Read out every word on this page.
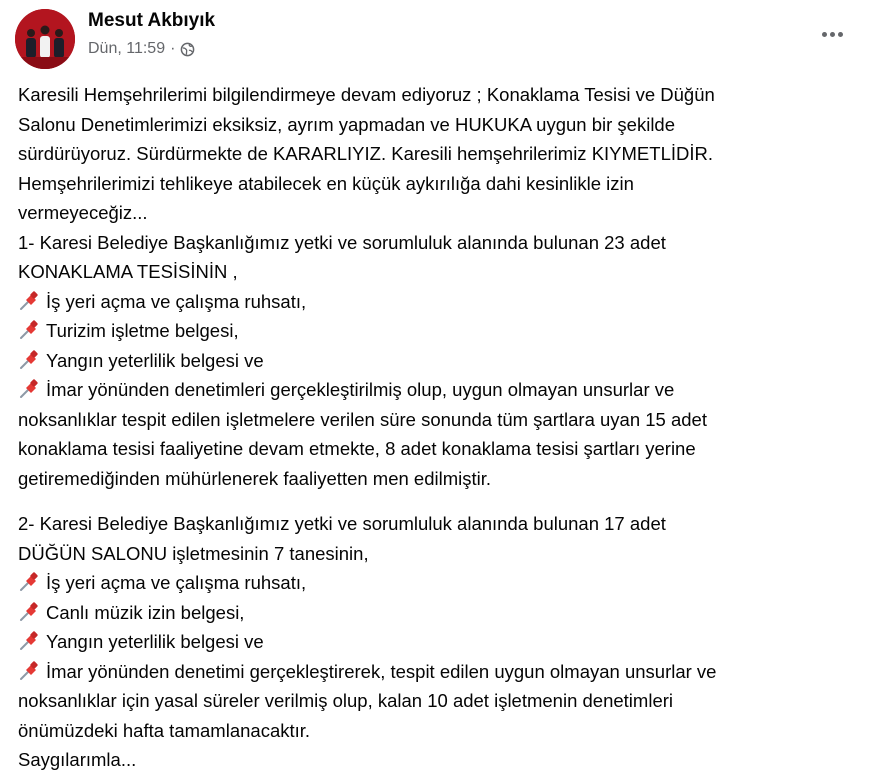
Mesut Akbıyık
Dün, 11:59 ·
Karesili Hemşehrilerimi bilgilendirmeye devam ediyoruz ; Konaklama Tesisi ve Düğün
Salonu Denetimlerimizi eksiksiz, ayrım yapmadan ve HUKUKA uygun bir şekilde
sürdürüyoruz. Sürdürmekte de KARARLIYIZ. Karesili hemşehrilerimiz KIYMETLİDİR.
Hemşehrilerimizi tehlikeye atabilecek en küçük aykırılığa dahi kesinlikle izin
vermeyeceğiz...
1- Karesi Belediye Başkanlığımız yetki ve sorumluluk alanında bulunan 23 adet
KONAKLAMA TESİSİNİN ,
İş yeri açma ve çalışma ruhsatı,
Turizim işletme belgesi,
Yangın yeterlilik belgesi ve
İmar yönünden denetimleri gerçekleştirilmiş olup, uygun olmayan unsurlar ve
noksanlıklar tespit edilen işletmelere verilen süre sonunda tüm şartlara uyan 15 adet
konaklama tesisi faaliyetine devam etmekte, 8 adet konaklama tesisi şartları yerine
getiremediğinden mühürlenerek faaliyetten men edilmiştir.
2- Karesi Belediye Başkanlığımız yetki ve sorumluluk alanında bulunan 17 adet
DÜĞÜN SALONU işletmesinin 7 tanesinin,
İş yeri açma ve çalışma ruhsatı,
Canlı müzik izin belgesi,
Yangın yeterlilik belgesi ve
İmar yönünden denetimi gerçekleştirerek, tespit edilen uygun olmayan unsurlar ve
noksanlıklar için yasal süreler verilmiş olup, kalan 10 adet işletmenin denetimleri
önümüzdeki hafta tamamlanacaktır.
Saygılarımla...
